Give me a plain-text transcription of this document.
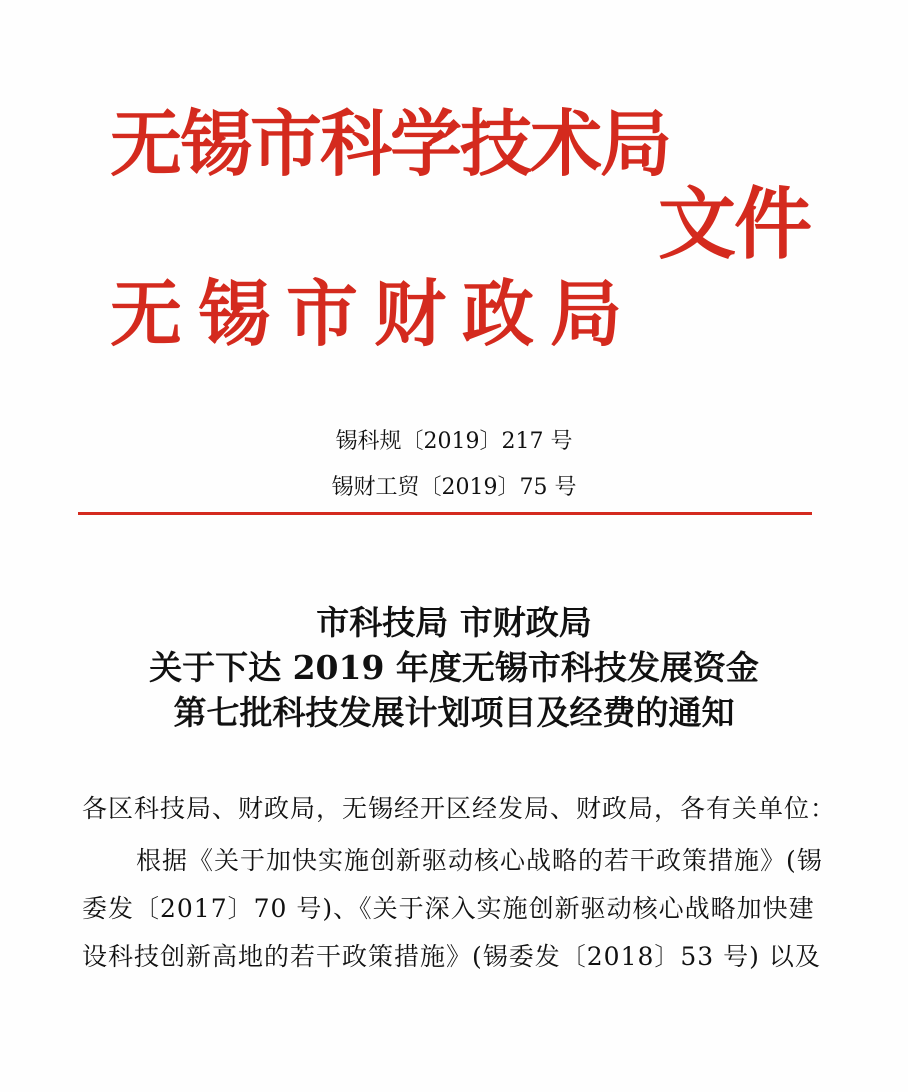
无锡市科学技术局
无锡市财政局
文件
锡科规〔2019〕217 号
锡财工贸〔2019〕75 号
市科技局 市财政局
关于下达 2019 年度无锡市科技发展资金
第七批科技发展计划项目及经费的通知
各区科技局、财政局，无锡经开区经发局、财政局，各有关单位：
根据《关于加快实施创新驱动核心战略的若干政策措施》(锡
委发〔2017〕70 号)、《关于深入实施创新驱动核心战略加快建
设科技创新高地的若干政策措施》(锡委发〔2018〕53 号) 以及
